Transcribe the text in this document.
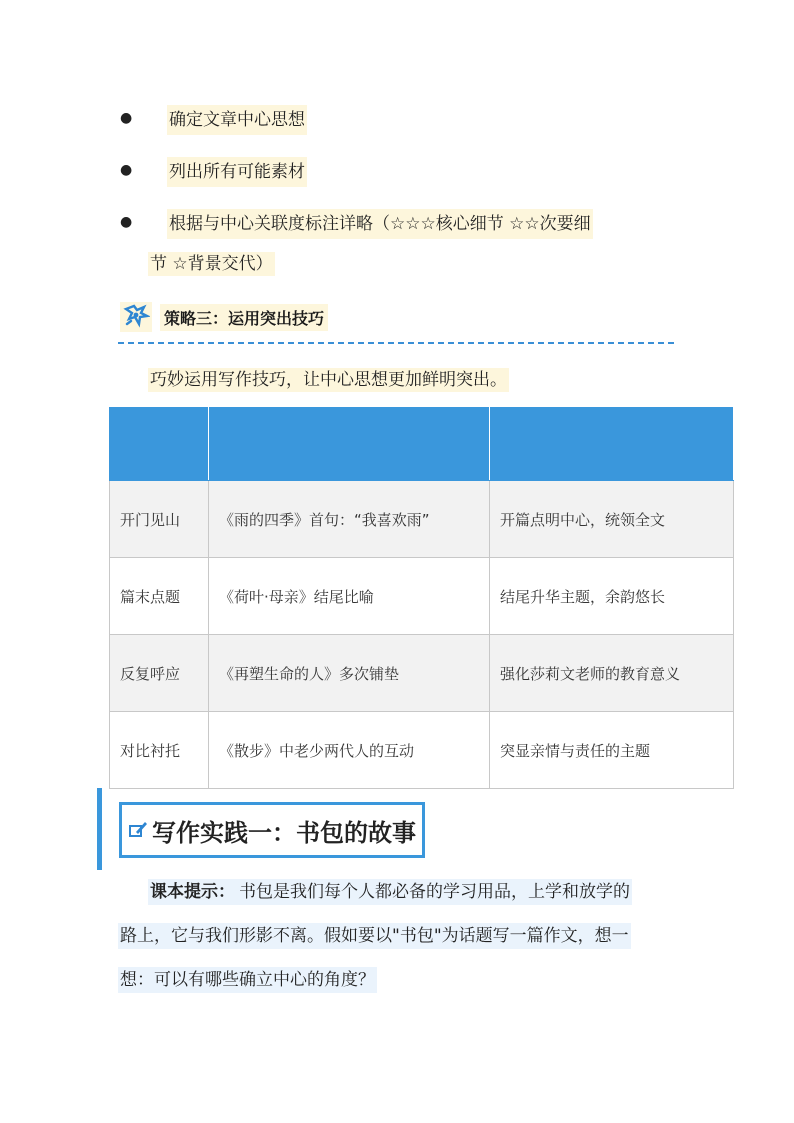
● 确定文章中心思想
● 列出所有可能素材
● 根据与中心关联度标注详略（☆☆☆核心细节 ☆☆次要细
节 ☆背景交代）
策略三：运用突出技巧
巧妙运用写作技巧，让中心思想更加鲜明突出。

开门见山	《雨的四季》首句：“我喜欢雨”	开篇点明中心，统领全文
篇末点题	《荷叶·母亲》结尾比喻	结尾升华主题，余韵悠长
反复呼应	《再塑生命的人》多次铺垫	强化莎莉文老师的教育意义
对比衬托	《散步》中老少两代人的互动	突显亲情与责任的主题
写作实践一：书包的故事
课本提示： 书包是我们每个人都必备的学习用品，上学和放学的
路上，它与我们形影不离。假如要以"书包"为话题写一篇作文，想一
想：可以有哪些确立中心的角度？
